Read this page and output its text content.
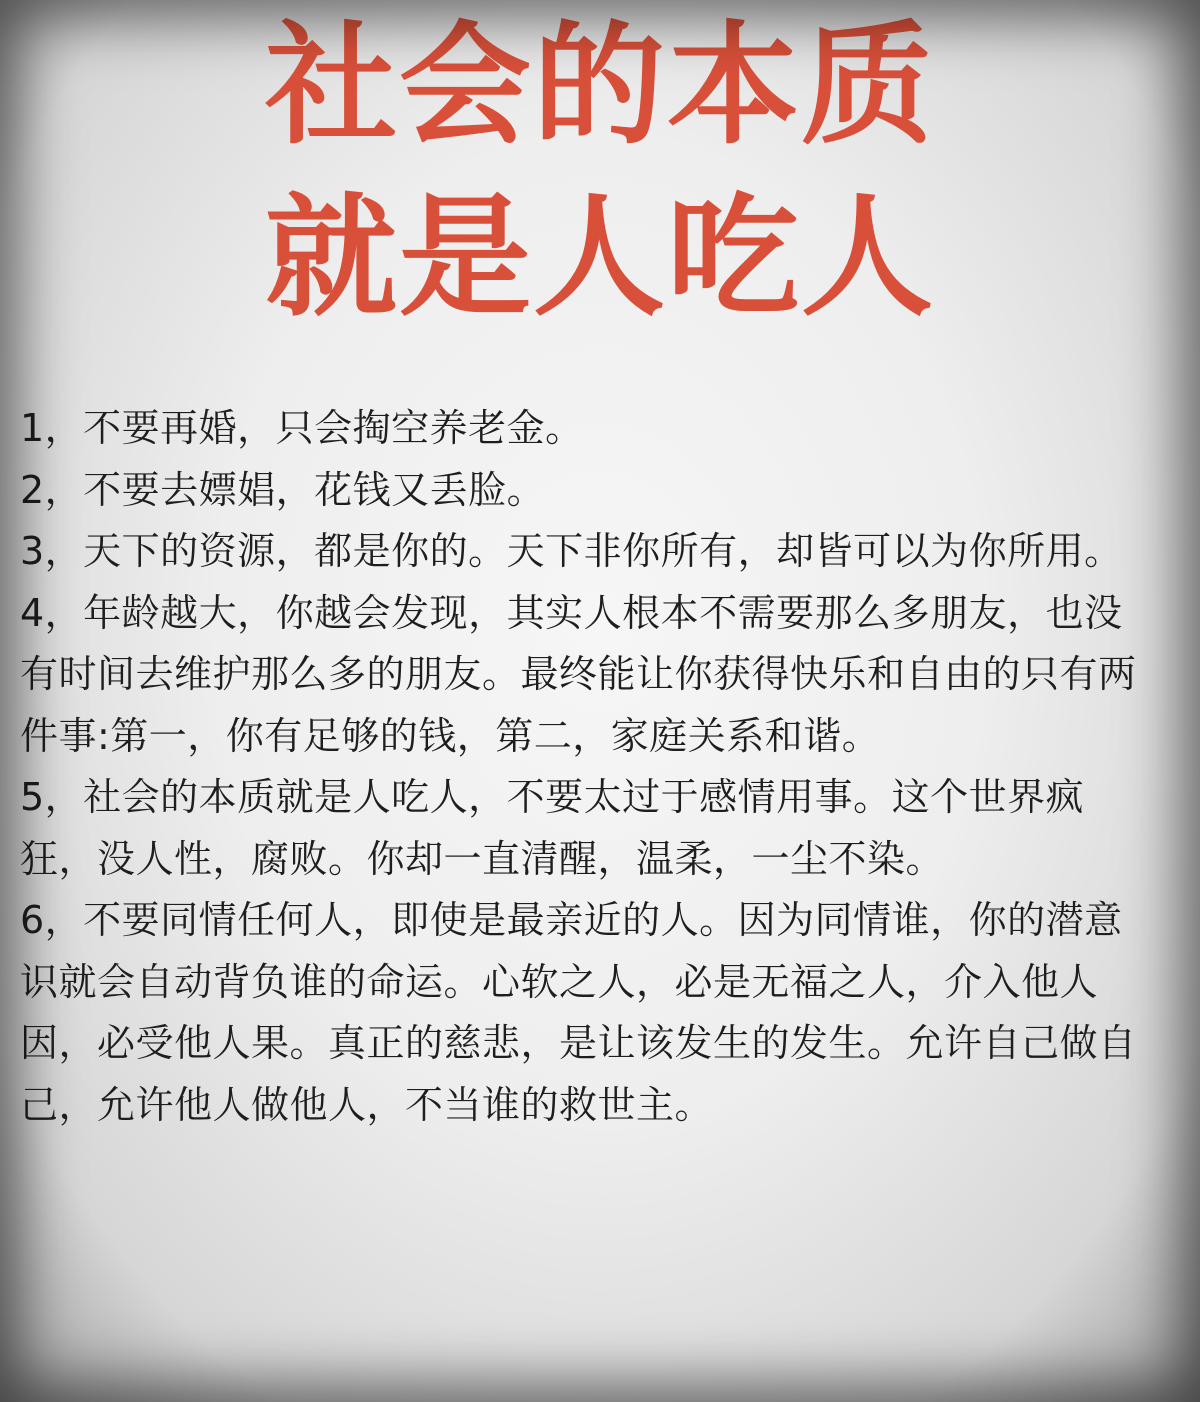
社会的本质
就是人吃人

1，不要再婚，只会掏空养老金。

2，不要去嫖娼，花钱又丢脸。

3，天下的资源，都是你的。天下非你所有，却皆可以为你所用。

4，年龄越大，你越会发现，其实人根本不需要那么多朋友，也没有时间去维护那么多的朋友。最终能让你获得快乐和自由的只有两件事:第一，你有足够的钱，第二，家庭关系和谐。

5，社会的本质就是人吃人，不要太过于感情用事。这个世界疯狂，没人性，腐败。你却一直清醒，温柔，一尘不染。

6，不要同情任何人，即使是最亲近的人。因为同情谁，你的潜意识就会自动背负谁的命运。心软之人，必是无福之人，介入他人因，必受他人果。真正的慈悲，是让该发生的发生。允许自己做自己，允许他人做他人，不当谁的救世主。
